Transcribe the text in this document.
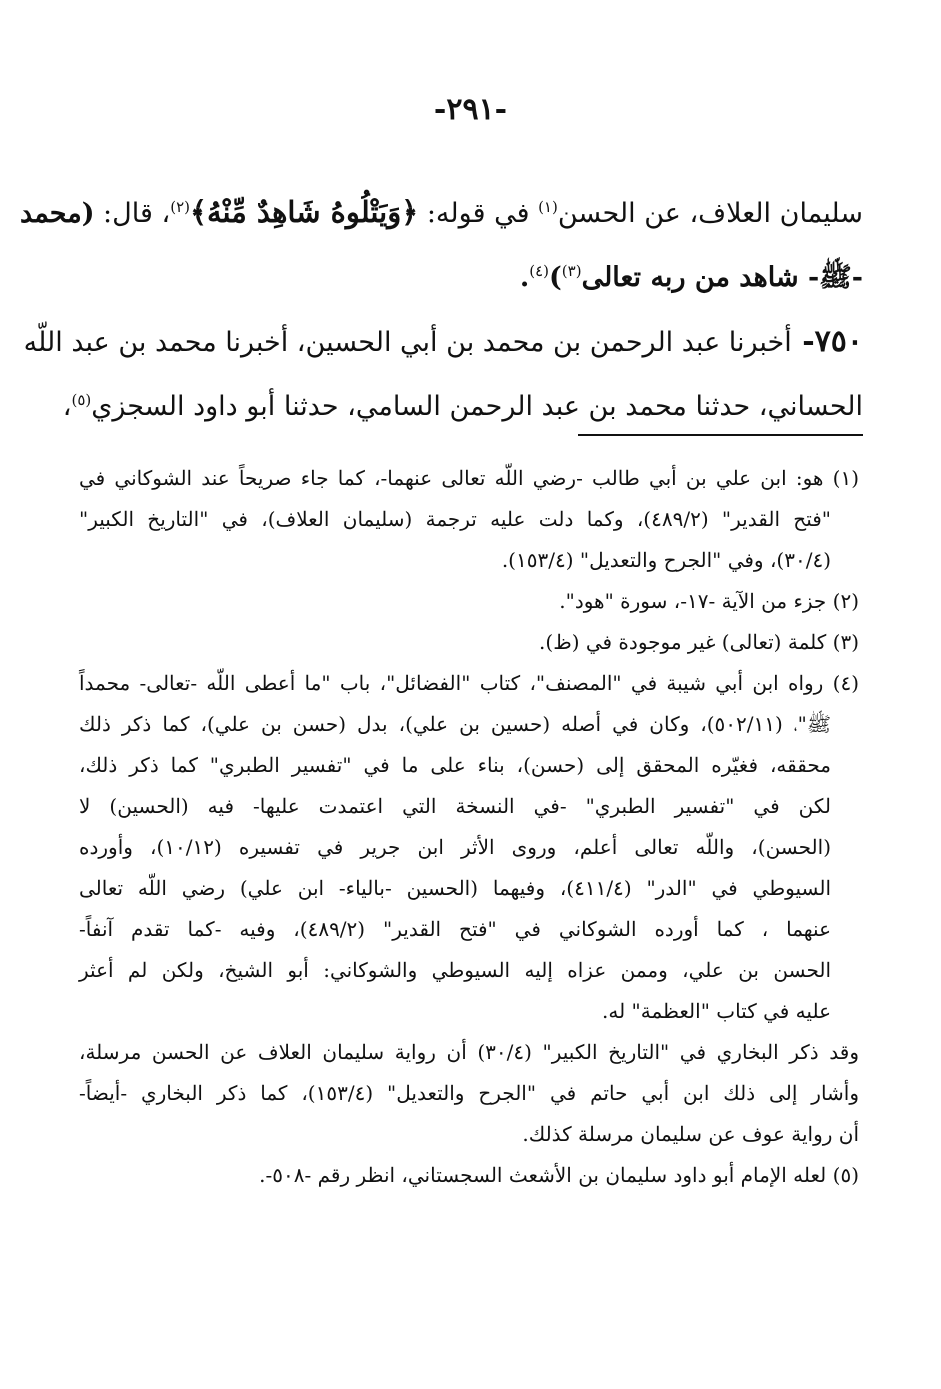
-٢٩١-
سليمان العلاف، عن الحسن$^{(١)}$ في قوله: ﴿وَيَتْلُوهُ شَاهِدٌ مِّنْهُ﴾$^{(٢)}$، قال: (محمد
-ﷺ- شاهد من ربه تعالى$^{(٣)}$)$^{(٤)}$.
٧٥٠- أخبرنا عبد الرحمن بن محمد بن أبي الحسين، أخبرنا محمد بن عبد اللّه
الحساني، حدثنا محمد بن عبد الرحمن السامي، حدثنا أبو داود السجزي$^{(٥)}$،
(١) هو: ابن علي بن أبي طالب -رضي اللّه تعالى عنهما-، كما جاء صريحاً عند الشوكاني في
"فتح القدير" (٤٨٩/٢)، وكما دلت عليه ترجمة (سليمان العلاف)، في "التاريخ الكبير"
(٣٠/٤)، وفي "الجرح والتعديل" (١٥٣/٤).
(٢) جزء من الآية -١٧-، سورة "هود".
(٣) كلمة (تعالى) غير موجودة في (ظ).
(٤) رواه ابن أبي شيبة في "المصنف"، كتاب "الفضائل"، باب "ما أعطى اللّه -تعالى- محمداً
ﷺ"، (٥٠٢/١١)، وكان في أصله (حسين بن علي)، بدل (حسن بن علي)، كما ذكر ذلك
محققه، فغيّره المحقق إلى (حسن)، بناء على ما في "تفسير الطبري" كما ذكر ذلك،
لكن في "تفسير الطبري" -في النسخة التي اعتمدت عليها- فيه (الحسين) لا
(الحسن)، واللّه تعالى أعلم، وروى الأثر ابن جرير في تفسيره (١٠/١٢)، وأورده
السيوطي في "الدر" (٤١١/٤)، وفيهما (الحسين -بالياء- ابن علي) رضي اللّه تعالى
عنهما ، كما أورده الشوكاني في "فتح القدير" (٤٨٩/٢)، وفيه -كما تقدم آنفاً-
الحسن بن علي، وممن عزاه إليه السيوطي والشوكاني: أبو الشيخ، ولكن لم أعثر
عليه في كتاب "العظمة" له.
وقد ذكر البخاري في "التاريخ الكبير" (٣٠/٤) أن رواية سليمان العلاف عن الحسن مرسلة،
وأشار إلى ذلك ابن أبي حاتم في "الجرح والتعديل" (١٥٣/٤)، كما ذكر البخاري -أيضاً-
أن رواية عوف عن سليمان مرسلة كذلك.
(٥) لعله الإمام أبو داود سليمان بن الأشعث السجستاني، انظر رقم -٥٠٨-.
